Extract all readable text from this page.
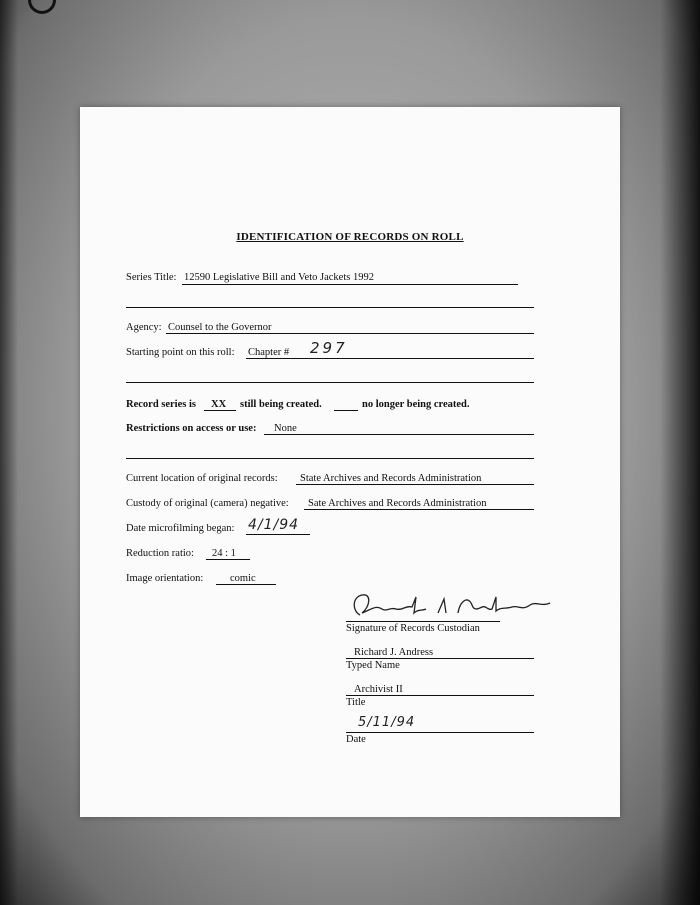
IDENTIFICATION OF RECORDS ON ROLL
Series Title: 12590 Legislative Bill and Veto Jackets 1992
Agency: Counsel to the Governor
Starting point on this roll: Chapter # 297
Record series is XX still being created.	no longer being created.
Restrictions on access or use: None
Current location of original records: State Archives and Records Administration
Custody of original (camera) negative: Sate Archives and Records Administration
Date microfilming began: 4/1/94
Reduction ratio: 24 : 1
Image orientation:	comic
Signature of Records Custodian
Richard J. Andress
Typed Name
Archivist II
Title
5/11/94
Date
